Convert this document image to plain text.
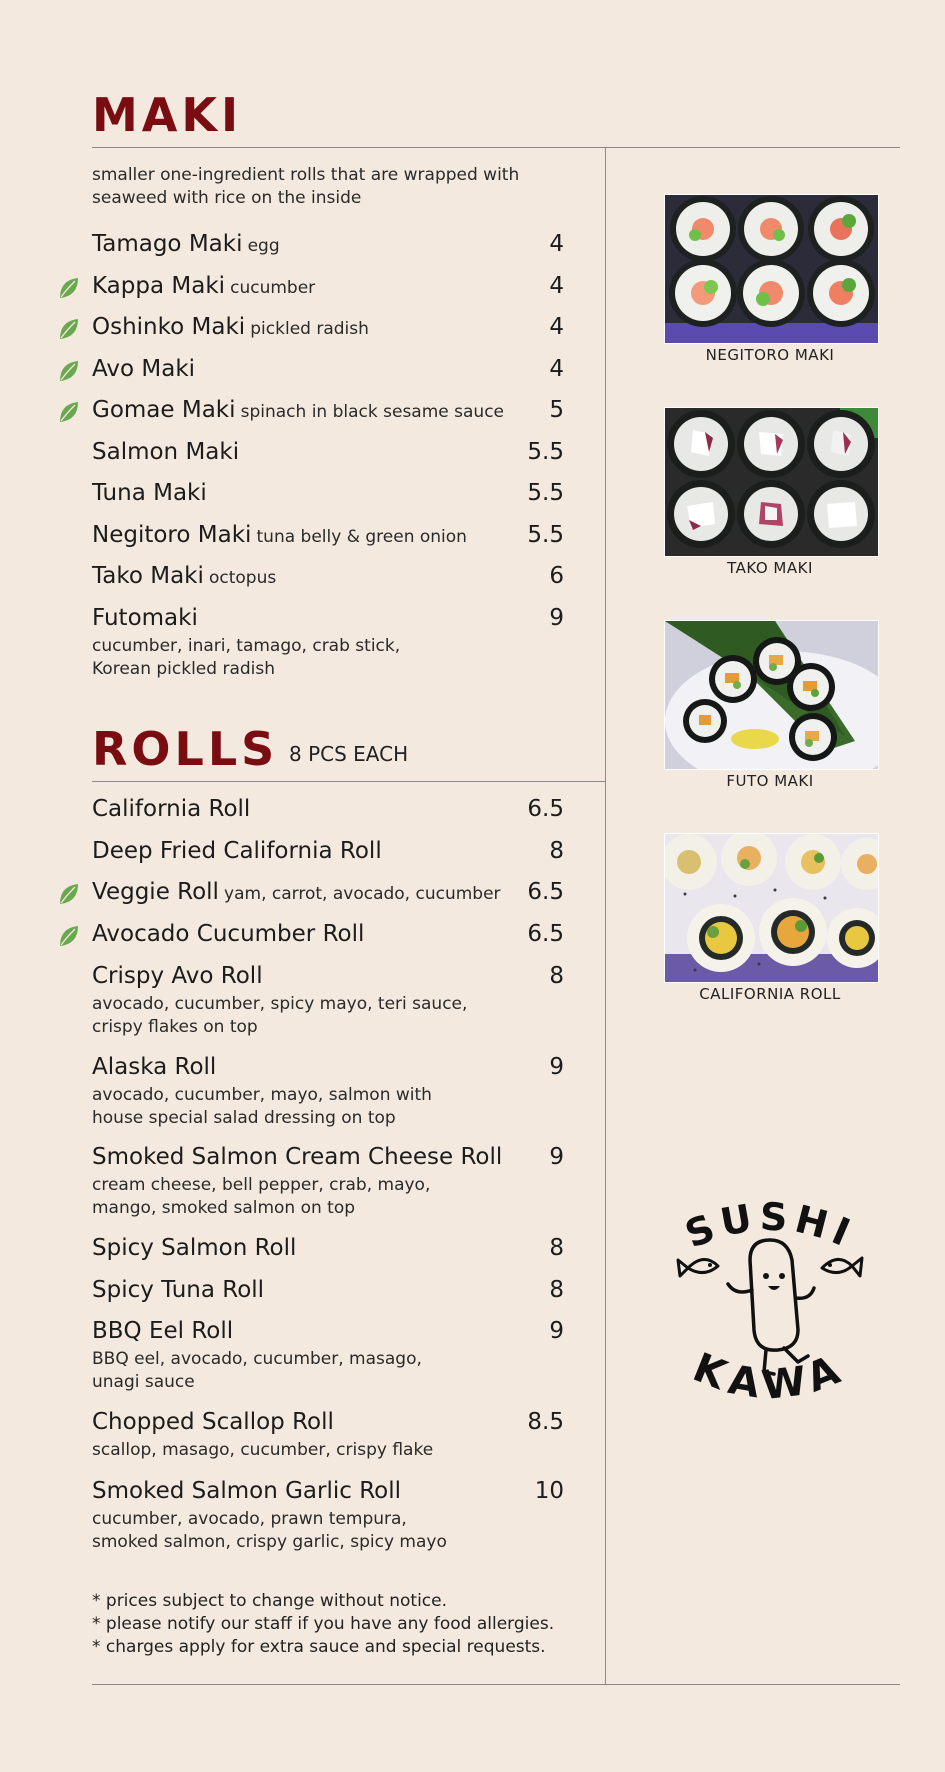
MAKI
smaller one-ingredient rolls that are wrapped with seaweed with rice on the inside
Tamago Maki egg	4
Kappa Maki cucumber	4
Oshinko Maki pickled radish	4
Avo Maki	4
Gomae Maki spinach in black sesame sauce 5
Salmon Maki	5.5
Tuna Maki	5.5
Negitoro Maki tuna belly & green onion	5.5
Tako Maki octopus	6
Futomaki	9
cucumber, inari, tamago, crab stick,
Korean pickled radish
ROLLS 8 PCS EACH
California Roll	6.5
Deep Fried California Roll	8
Veggie Roll yam, carrot, avocado, cucumber 6.5
Avocado Cucumber Roll	6.5
Crispy Avo Roll	8
avocado, cucumber, spicy mayo, teri sauce,
crispy flakes on top
Alaska Roll	9
avocado, cucumber, mayo, salmon with
house special salad dressing on top
Smoked Salmon Cream Cheese Roll 9
cream cheese, bell pepper, crab, mayo,
mango, smoked salmon on top
Spicy Salmon Roll	8
Spicy Tuna Roll	8
BBQ Eel Roll	9
BBQ eel, avocado, cucumber, masago,
unagi sauce
Chopped Scallop Roll	8.5
scallop, masago, cucumber, crispy flake
Smoked Salmon Garlic Roll	10
cucumber, avocado, prawn tempura,
smoked salmon, crispy garlic, spicy mayo
* prices subject to change without notice.
* please notify our staff if you have any food allergies.
* charges apply for extra sauce and special requests.
NEGITORO MAKI
TAKO MAKI
FUTO MAKI
CALIFORNIA ROLL
SUSHI
KAWA
